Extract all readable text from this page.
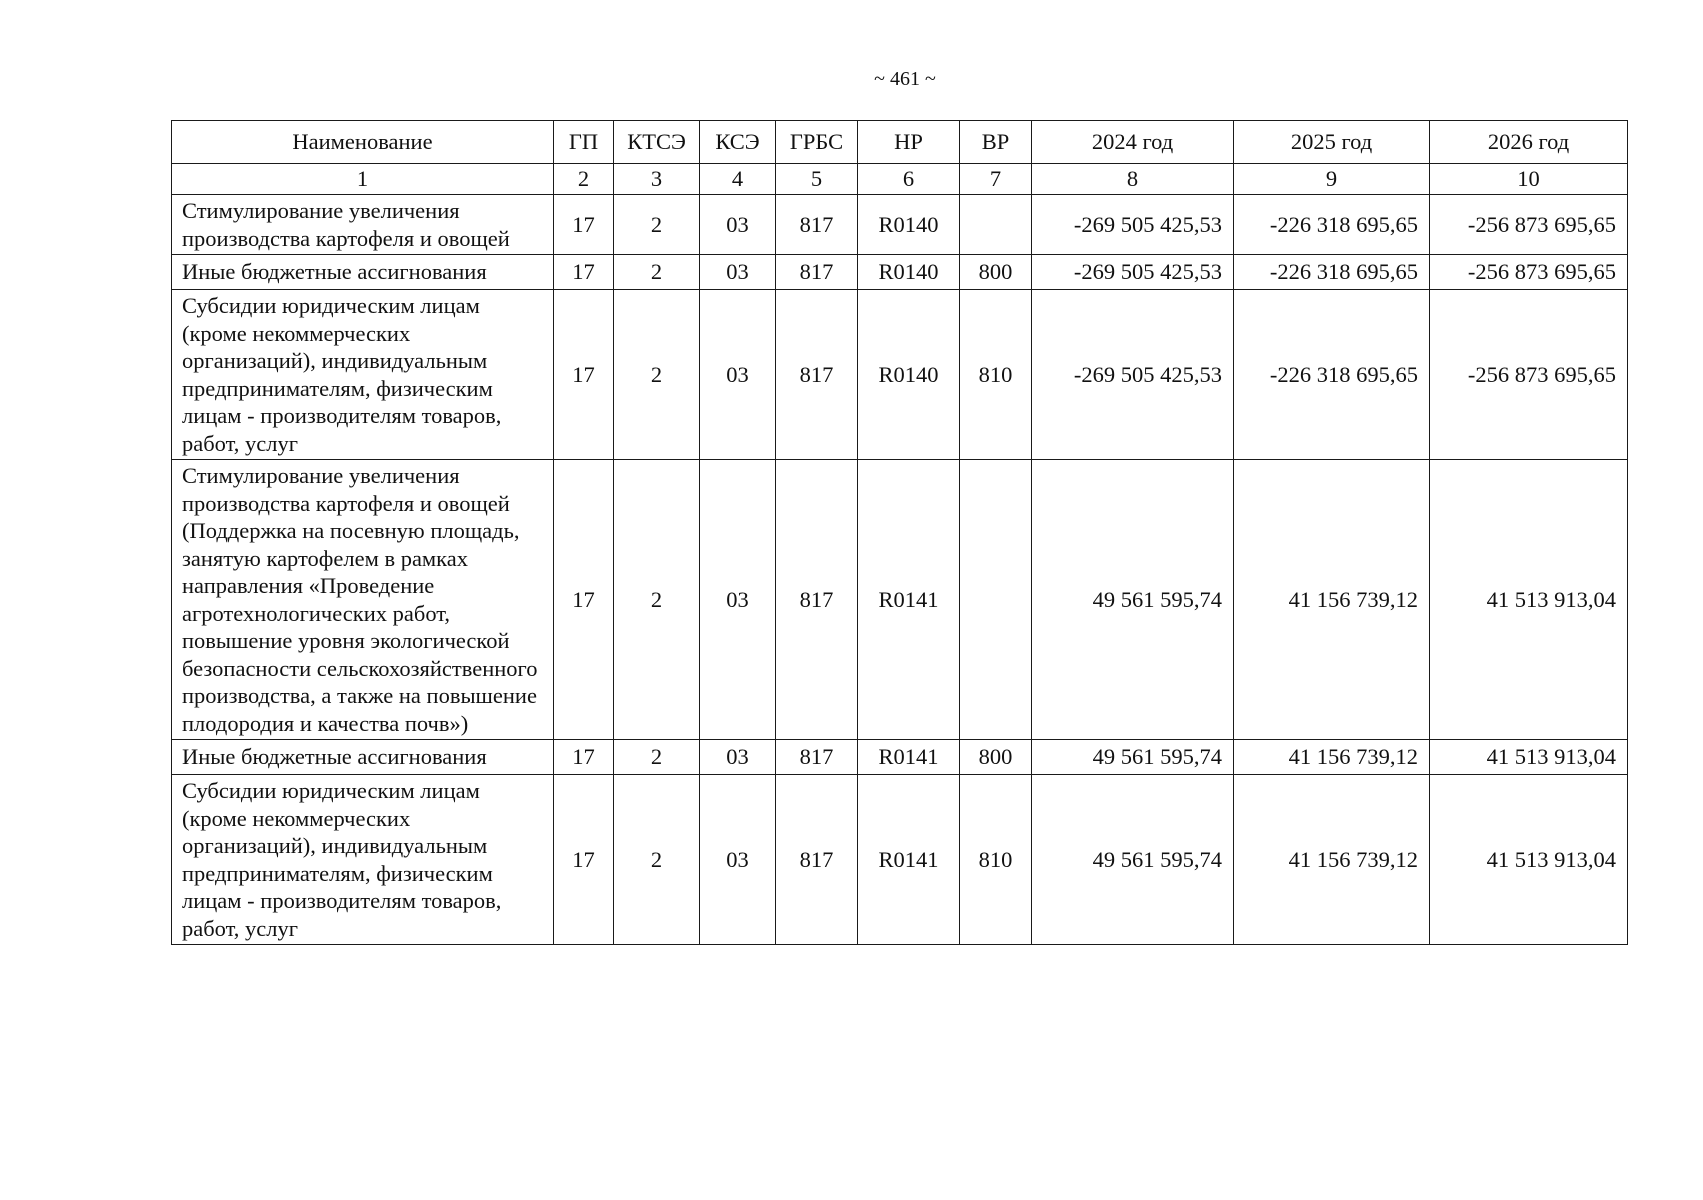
~ 461 ~
Наименование	ГП	КТСЭ	КСЭ	ГРБС	НР	ВР	2024 год	2025 год	2026 год
1	2	3	4	5	6	7	8	9	10
Стимулирование увеличения производства картофеля и овощей	17	2	03	817	R0140		-269 505 425,53	-226 318 695,65	-256 873 695,65
Иные бюджетные ассигнования	17	2	03	817	R0140	800	-269 505 425,53	-226 318 695,65	-256 873 695,65
Субсидии юридическим лицам (кроме некоммерческих организаций), индивидуальным предпринимателям, физическим лицам - производителям товаров, работ, услуг	17	2	03	817	R0140	810	-269 505 425,53	-226 318 695,65	-256 873 695,65
Стимулирование увеличения производства картофеля и овощей (Поддержка на посевную площадь, занятую картофелем в рамках направления «Проведение агротехнологических работ, повышение уровня экологической безопасности сельскохозяйственного производства, а также на повышение плодородия и качества почв»)	17	2	03	817	R0141		49 561 595,74	41 156 739,12	41 513 913,04
Иные бюджетные ассигнования	17	2	03	817	R0141	800	49 561 595,74	41 156 739,12	41 513 913,04
Субсидии юридическим лицам (кроме некоммерческих организаций), индивидуальным предпринимателям, физическим лицам - производителям товаров, работ, услуг	17	2	03	817	R0141	810	49 561 595,74	41 156 739,12	41 513 913,04
